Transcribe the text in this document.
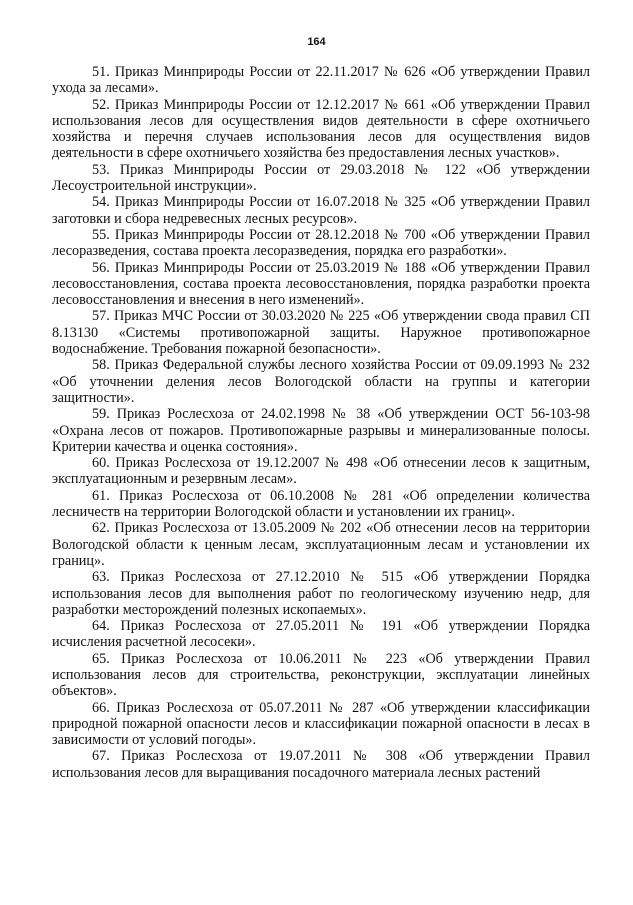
164

51. Приказ Минприроды России от 22.11.2017 № 626 «Об утверждении Правил ухода за лесами».

52. Приказ Минприроды России от 12.12.2017 № 661 «Об утверждении Правил использования лесов для осуществления видов деятельности в сфере охотничьего хозяйства и перечня случаев использования лесов для осуществления видов деятельности в сфере охотничьего хозяйства без предоставления лесных участков».

53. Приказ Минприроды России от 29.03.2018 № 122 «Об утверждении Лесоустроительной инструкции».

54. Приказ Минприроды России от 16.07.2018 № 325 «Об утверждении Правил заготовки и сбора недревесных лесных ресурсов».

55. Приказ Минприроды России от 28.12.2018 № 700 «Об утверждении Правил лесоразведения, состава проекта лесоразведения, порядка его разработки».

56. Приказ Минприроды России от 25.03.2019 № 188 «Об утверждении Правил лесовосстановления, состава проекта лесовосстановления, порядка разработки проекта лесовосстановления и внесения в него изменений».

57. Приказ МЧС России от 30.03.2020 № 225 «Об утверждении свода правил СП 8.13130 «Системы противопожарной защиты. Наружное противопожарное водоснабжение. Требования пожарной безопасности».

58. Приказ Федеральной службы лесного хозяйства России от 09.09.1993 № 232 «Об уточнении деления лесов Вологодской области на группы и категории защитности».

59. Приказ Рослесхоза от 24.02.1998 № 38 «Об утверждении ОСТ 56-103-98 «Охрана лесов от пожаров. Противопожарные разрывы и минерализованные полосы. Критерии качества и оценка состояния».

60. Приказ Рослесхоза от 19.12.2007 № 498 «Об отнесении лесов к защитным, эксплуатационным и резервным лесам».

61. Приказ Рослесхоза от 06.10.2008 № 281 «Об определении количества лесничеств на территории Вологодской области и установлении их границ».

62. Приказ Рослесхоза от 13.05.2009 № 202 «Об отнесении лесов на территории Вологодской области к ценным лесам, эксплуатационным лесам и установлении их границ».

63. Приказ Рослесхоза от 27.12.2010 № 515 «Об утверждении Порядка использования лесов для выполнения работ по геологическому изучению недр, для разработки месторождений полезных ископаемых».

64. Приказ Рослесхоза от 27.05.2011 № 191 «Об утверждении Порядка исчисления расчетной лесосеки».

65. Приказ Рослесхоза от 10.06.2011 № 223 «Об утверждении Правил использования лесов для строительства, реконструкции, эксплуатации линейных объектов».

66. Приказ Рослесхоза от 05.07.2011 № 287 «Об утверждении классификации природной пожарной опасности лесов и классификации пожарной опасности в лесах в зависимости от условий погоды».

67. Приказ Рослесхоза от 19.07.2011 № 308 «Об утверждении Правил использования лесов для выращивания посадочного материала лесных растений
